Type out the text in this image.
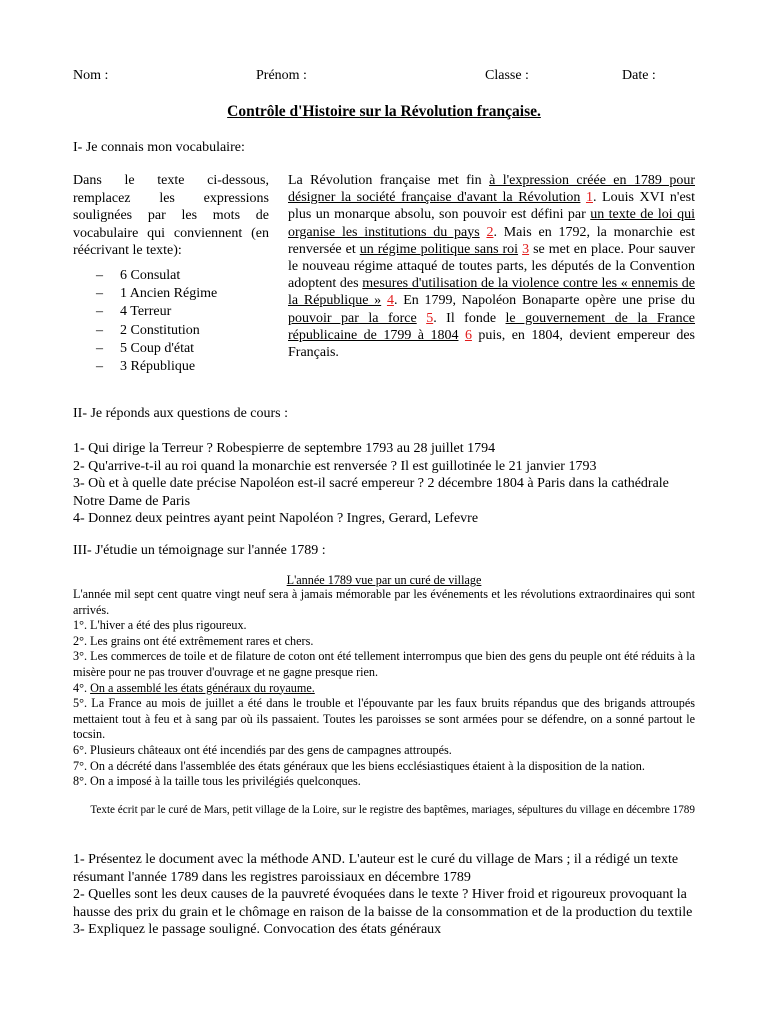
Nom :	Prénom :	Classe :	Date :
Contrôle d'Histoire sur la Révolution française.
I- Je connais mon vocabulaire:
Dans le texte ci-dessous, remplacez les expressions soulignées par les mots de vocabulaire qui conviennent (en réécrivant le texte):
– 6 Consulat
– 1 Ancien Régime
– 4 Terreur
– 2 Constitution
– 5 Coup d'état
– 3 République
La Révolution française met fin à l'expression créée en 1789 pour désigner la société française d'avant la Révolution 1. Louis XVI n'est plus un monarque absolu, son pouvoir est défini par un texte de loi qui organise les institutions du pays 2. Mais en 1792, la monarchie est renversée et un régime politique sans roi 3 se met en place. Pour sauver le nouveau régime attaqué de toutes parts, les députés de la Convention adoptent des mesures d'utilisation de la violence contre les « ennemis de la République » 4. En 1799, Napoléon Bonaparte opère une prise du pouvoir par la force 5. Il fonde le gouvernement de la France républicaine de 1799 à 1804 6 puis, en 1804, devient empereur des Français.
II- Je réponds aux questions de cours :

1- Qui dirige la Terreur ? Robespierre de septembre 1793 au 28 juillet 1794

2- Qu'arrive-t-il au roi quand la monarchie est renversée ? Il est guillotinée le 21 janvier 1793

3- Où et à quelle date précise Napoléon est-il sacré empereur ? 2 décembre 1804 à Paris dans la cathédrale Notre Dame de Paris

4- Donnez deux peintres ayant peint Napoléon ? Ingres, Gerard, Lefevre

III- J'étudie un témoignage sur l'année 1789 :
L'année 1789 vue par un curé de village

L'année mil sept cent quatre vingt neuf sera à jamais mémorable par les événements et les révolutions extraordinaires qui sont arrivés.

1°. L'hiver a été des plus rigoureux.

2°. Les grains ont été extrêmement rares et chers.

3°. Les commerces de toile et de filature de coton ont été tellement interrompus que bien des gens du peuple ont été réduits à la misère pour ne pas trouver d'ouvrage et ne gagne presque rien.

4°. On a assemblé les états généraux du royaume.

5°. La France au mois de juillet a été dans le trouble et l'épouvante par les faux bruits répandus que des brigands attroupés mettaient tout à feu et à sang par où ils passaient. Toutes les paroisses se sont armées pour se défendre, on a sonné partout le tocsin.

6°. Plusieurs châteaux ont été incendiés par des gens de campagnes attroupés.

7°. On a décrété dans l'assemblée des états généraux que les biens ecclésiastiques étaient à la disposition de la nation.

8°. On a imposé à la taille tous les privilégiés quelconques.

Texte écrit par le curé de Mars, petit village de la Loire, sur le registre des baptêmes, mariages, sépultures du village en décembre 1789

1- Présentez le document avec la méthode AND. L'auteur est le curé du village de Mars ; il a rédigé un texte résumant l'année 1789 dans les registres paroissiaux en décembre 1789

2- Quelles sont les deux causes de la pauvreté évoquées dans le texte ? Hiver froid et rigoureux provoquant la hausse des prix du grain et le chômage en raison de la baisse de la consommation et de la production du textile

3- Expliquez le passage souligné. Convocation des états généraux
